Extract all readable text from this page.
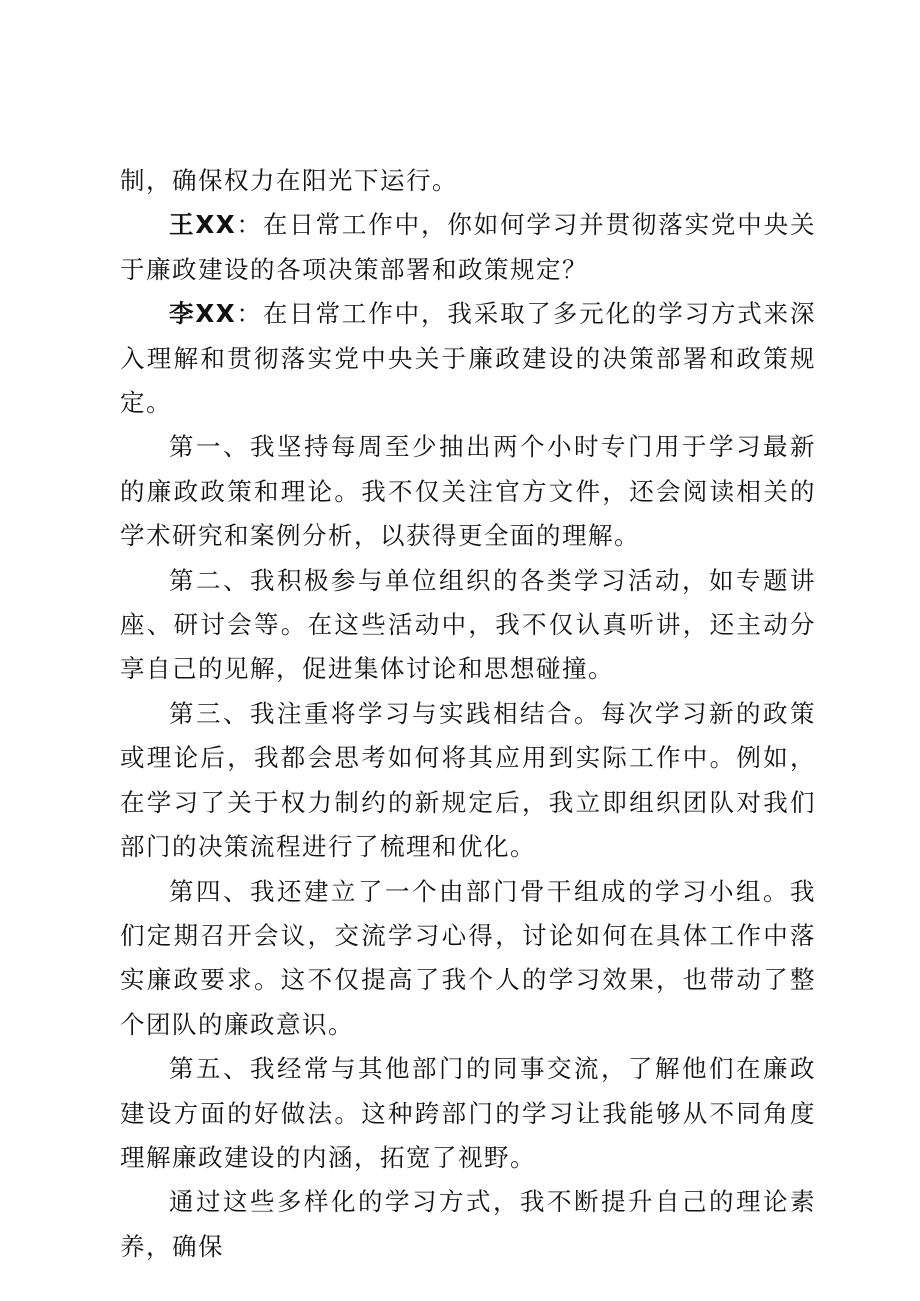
制，确保权力在阳光下运行。

王XX：在日常工作中，你如何学习并贯彻落实党中央关于廉政建设的各项决策部署和政策规定？

李XX：在日常工作中，我采取了多元化的学习方式来深入理解和贯彻落实党中央关于廉政建设的决策部署和政策规定。

第一、我坚持每周至少抽出两个小时专门用于学习最新的廉政政策和理论。我不仅关注官方文件，还会阅读相关的学术研究和案例分析，以获得更全面的理解。

第二、我积极参与单位组织的各类学习活动，如专题讲座、研讨会等。在这些活动中，我不仅认真听讲，还主动分享自己的见解，促进集体讨论和思想碰撞。

第三、我注重将学习与实践相结合。每次学习新的政策或理论后，我都会思考如何将其应用到实际工作中。例如，在学习了关于权力制约的新规定后，我立即组织团队对我们部门的决策流程进行了梳理和优化。

第四、我还建立了一个由部门骨干组成的学习小组。我们定期召开会议，交流学习心得，讨论如何在具体工作中落实廉政要求。这不仅提高了我个人的学习效果，也带动了整个团队的廉政意识。

第五、我经常与其他部门的同事交流，了解他们在廉政建设方面的好做法。这种跨部门的学习让我能够从不同角度理解廉政建设的内涵，拓宽了视野。

通过这些多样化的学习方式，我不断提升自己的理论素养，确保
